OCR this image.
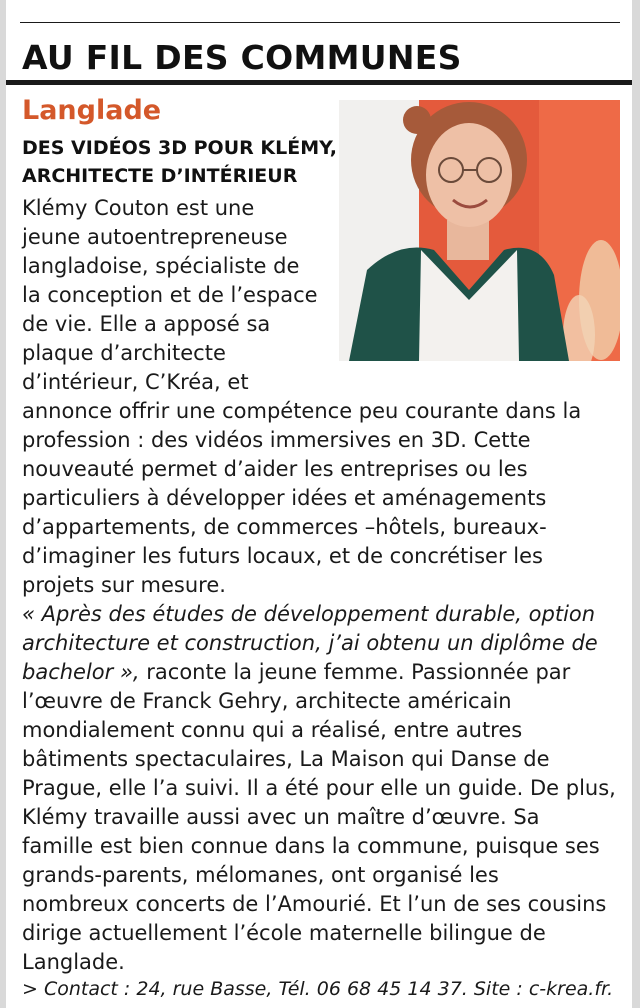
AU FIL DES COMMUNES
Langlade
DES VIDÉOS 3D POUR KLÉMY,
ARCHITECTE D’INTÉRIEUR
Klémy Couton est une
jeune autoentrepreneuse
langladoise, spécialiste de
la conception et de l’espace
de vie. Elle a apposé sa
plaque d’architecte
d’intérieur, C’Kréa, et
annonce offrir une compétence peu courante dans la
profession : des vidéos immersives en 3D. Cette
nouveauté permet d’aider les entreprises ou les
particuliers à développer idées et aménagements
d’appartements, de commerces –hôtels, bureaux-
d’imaginer les futurs locaux, et de concrétiser les
projets sur mesure.
« Après des études de développement durable, option
architecture et construction, j’ai obtenu un diplôme de
bachelor », raconte la jeune femme. Passionnée par
l’œuvre de Franck Gehry, architecte américain
mondialement connu qui a réalisé, entre autres
bâtiments spectaculaires, La Maison qui Danse de
Prague, elle l’a suivi. Il a été pour elle un guide. De plus,
Klémy travaille aussi avec un maître d’œuvre. Sa
famille est bien connue dans la commune, puisque ses
grands-parents, mélomanes, ont organisé les
nombreux concerts de l’Amourié. Et l’un de ses cousins
dirige actuellement l’école maternelle bilingue de
Langlade.
> Contact : 24, rue Basse, Tél. 06 68 45 14 37. Site : c-krea.fr.
